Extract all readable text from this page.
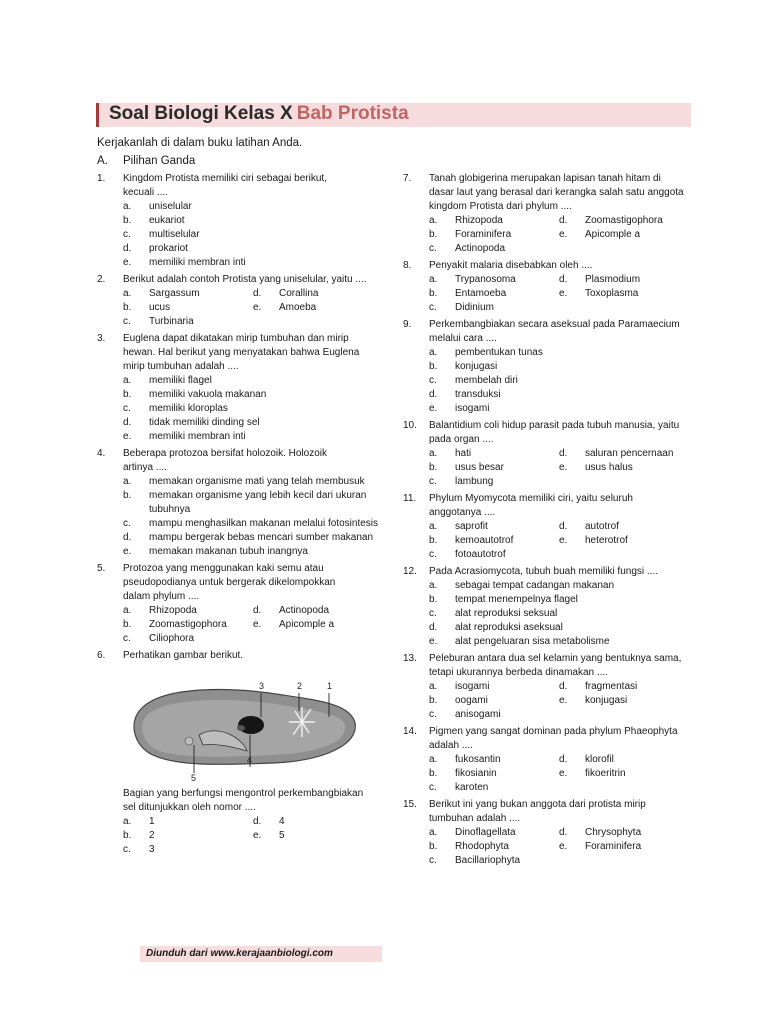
Soal Biologi Kelas X Bab Protista
Kerjakanlah di dalam buku latihan Anda.
A. Pilihan Ganda
1. Kingdom Protista memiliki ciri sebagai berikut,
kecuali ....
a. uniselular
b. eukariot
c. multiselular
d. prokariot
e. memiliki membran inti
2. Berikut adalah contoh Protista yang uniselular, yaitu ....
a. Sargassum	d. Corallina
b. ucus	e. Amoeba
c. Turbinaria
3. Euglena dapat dikatakan mirip tumbuhan dan mirip
hewan. Hal berikut yang menyatakan bahwa Euglena
mirip tumbuhan adalah ....
a. memiliki flagel
b. memiliki vakuola makanan
c. memiliki kloroplas
d. tidak memiliki dinding sel
e. memiliki membran inti
4. Beberapa protozoa bersifat holozoik. Holozoik
artinya ....
a. memakan organisme mati yang telah membusuk
b. memakan organisme yang lebih kecil dari ukuran
tubuhnya
c. mampu menghasilkan makanan melalui fotosintesis
d. mampu bergerak bebas mencari sumber makanan
e. memakan makanan tubuh inangnya
5. Protozoa yang menggunakan kaki semu atau
pseudopodianya untuk bergerak dikelompokkan
dalam phylum ....
a. Rhizopoda	d. Actinopoda
b. Zoomastigophora	e. Apicomple a
c. Ciliophora
6. Perhatikan gambar berikut.
3	2	1
5
4
Bagian yang berfungsi mengontrol perkembangbiakan
sel ditunjukkan oleh nomor ....
a. 1	d. 4
b. 2	e. 5
c. 3
7. Tanah globigerina merupakan lapisan tanah hitam di
dasar laut yang berasal dari kerangka salah satu anggota
kingdom Protista dari phylum ....
a. Rhizopoda	d. Zoomastigophora
b. Foraminifera	e. Apicomple a
c. Actinopoda
8. Penyakit malaria disebabkan oleh ....
a. Trypanosoma	d. Plasmodium
b. Entamoeba	e. Toxoplasma
c. Didinium
9. Perkembangbiakan secara aseksual pada Paramaecium
melalui cara ....
a. pembentukan tunas
b. konjugasi
c. membelah diri
d. transduksi
e. isogami
10. Balantidium coli hidup parasit pada tubuh manusia, yaitu
pada organ ....
a. hati	d. saluran pencernaan
b. usus besar	e. usus halus
c. lambung
11. Phylum Myomycota memiliki ciri, yaitu seluruh
anggotanya ....
a. saprofit	d. autotrof
b. kemoautotrof	e. heterotrof
c. fotoautotrof
12. Pada Acrasiomycota, tubuh buah memiliki fungsi ....
a. sebagai tempat cadangan makanan
b. tempat menempelnya flagel
c. alat reproduksi seksual
d. alat reproduksi aseksual
e. alat pengeluaran sisa metabolisme
13. Peleburan antara dua sel kelamin yang bentuknya sama,
tetapi ukurannya berbeda dinamakan ....
a. isogami	d. fragmentasi
b. oogami	e. konjugasi
c. anisogami
14. Pigmen yang sangat dominan pada phylum Phaeophyta
adalah ....
a. fukosantin	d. klorofil
b. fikosianin	e. fikoeritrin
c. karoten
15. Berikut ini yang bukan anggota dari protista mirip
tumbuhan adalah ....
a. Dinoflagellata	d. Chrysophyta
b. Rhodophyta	e. Foraminifera
c. Bacillariophyta
Diunduh dari www.kerajaanbiologi.com
